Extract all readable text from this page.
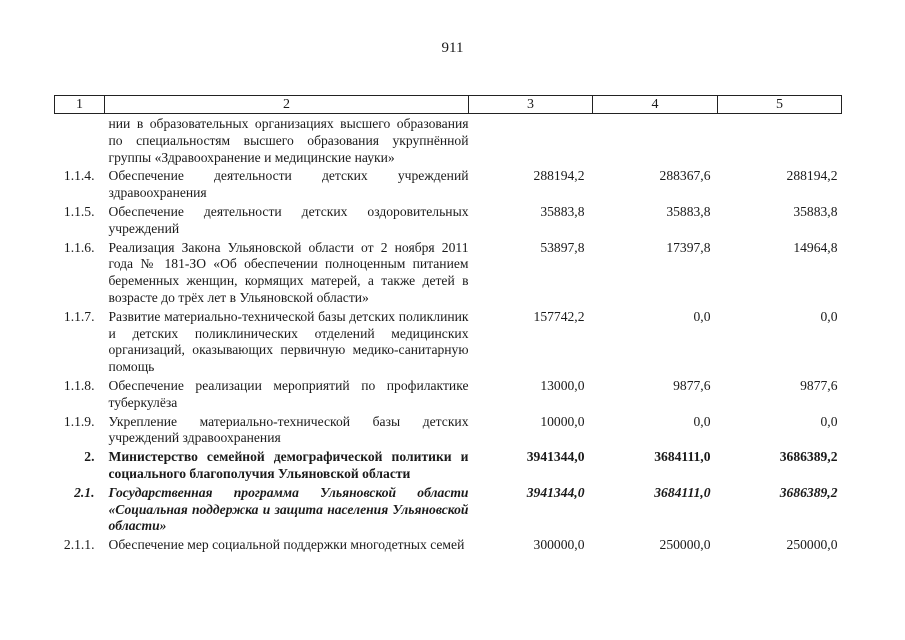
911
1	2	3	4	5
	нии в образовательных организациях высшего образования по специальностям высшего образования укрупнённой группы «Здравоохранение и медицинские науки»			
1.1.4.	Обеспечение деятельности детских учреждений здравоохранения	288194,2	288367,6	288194,2
1.1.5.	Обеспечение деятельности детских оздоровительных учреждений	35883,8	35883,8	35883,8
1.1.6.	Реализация Закона Ульяновской области от 2 ноября 2011 года № 181-ЗО «Об обеспечении полноценным питанием беременных женщин, кормящих матерей, а также детей в возрасте до трёх лет в Ульяновской области»	53897,8	17397,8	14964,8
1.1.7.	Развитие материально-технической базы детских поликлиник и детских поликлинических отделений медицинских организаций, оказывающих первичную медико-санитарную помощь	157742,2	0,0	0,0
1.1.8.	Обеспечение реализации мероприятий по профилактике туберкулёза	13000,0	9877,6	9877,6
1.1.9.	Укрепление материально-технической базы детских учреждений здравоохранения	10000,0	0,0	0,0
2.	Министерство семейной демографической политики и социального благополучия Ульяновской области	3941344,0	3684111,0	3686389,2
2.1.	Государственная программа Ульяновской области «Социальная поддержка и защита населения Ульяновской области»	3941344,0	3684111,0	3686389,2
2.1.1.	Обеспечение мер социальной поддержки многодетных семей	300000,0	250000,0	250000,0
